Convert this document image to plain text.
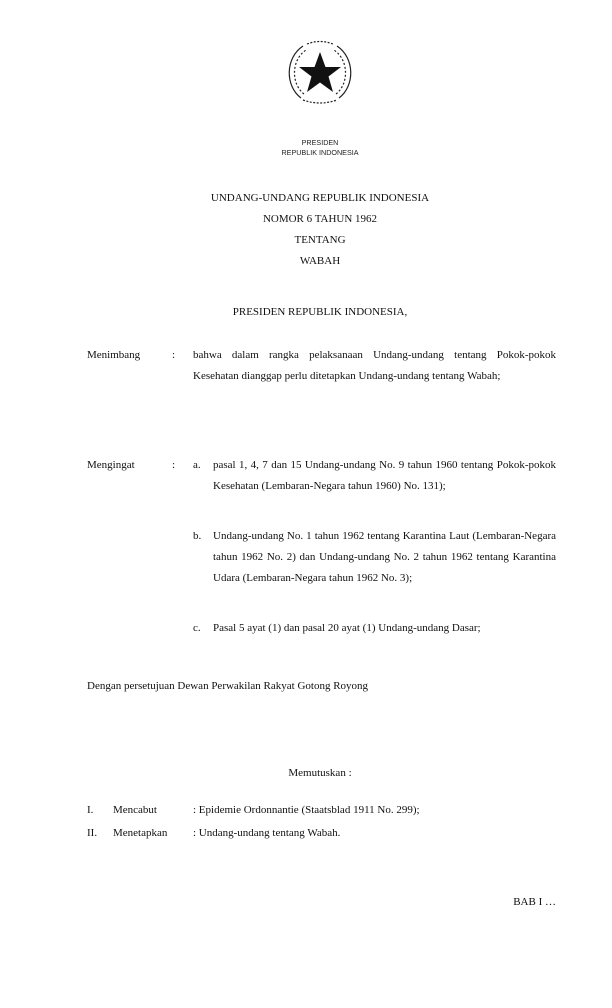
PRESIDEN
REPUBLIK INDONESIA
UNDANG-UNDANG REPUBLIK INDONESIA
NOMOR 6 TAHUN 1962
TENTANG
WABAH
PRESIDEN REPUBLIK INDONESIA,
Menimbang	: bahwa dalam rangka pelaksanaan Undang-undang tentang Pokok-pokok Kesehatan dianggap perlu ditetapkan Undang-undang tentang Wabah;
Mengingat	: a. pasal 1, 4, 7 dan 15 Undang-undang No. 9 tahun 1960 tentang Pokok-pokok Kesehatan (Lembaran-Negara tahun 1960) No. 131);
b. Undang-undang No. 1 tahun 1962 tentang Karantina Laut (Lembaran-Negara tahun 1962 No. 2) dan Undang-undang No. 2 tahun 1962 tentang Karantina Udara (Lembaran-Negara tahun 1962 No. 3);
c. Pasal 5 ayat (1) dan pasal 20 ayat (1) Undang-undang Dasar;
Dengan persetujuan Dewan Perwakilan Rakyat Gotong Royong
Memutuskan :
I. Mencabut	: Epidemie Ordonnantie (Staatsblad 1911 No. 299);
II. Menetapkan : Undang-undang tentang Wabah.
BAB I …
